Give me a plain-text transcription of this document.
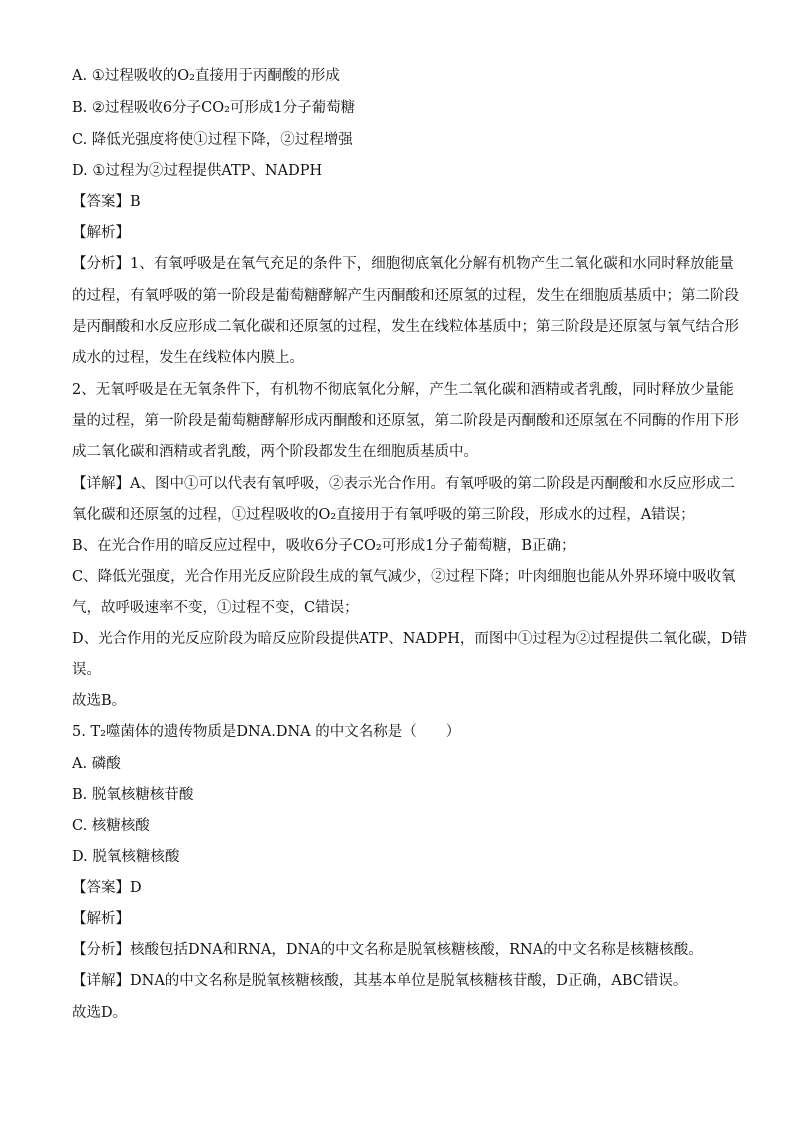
A. ①过程吸收的O₂直接用于丙酮酸的形成
B. ②过程吸收6分子CO₂可形成1分子葡萄糖
C. 降低光强度将使①过程下降，②过程增强
D. ①过程为②过程提供ATP、NADPH
【答案】B
【解析】
【分析】1、有氧呼吸是在氧气充足的条件下，细胞彻底氧化分解有机物产生二氧化碳和水同时释放能量
的过程，有氧呼吸的第一阶段是葡萄糖酵解产生丙酮酸和还原氢的过程，发生在细胞质基质中；第二阶段
是丙酮酸和水反应形成二氧化碳和还原氢的过程，发生在线粒体基质中；第三阶段是还原氢与氧气结合形
成水的过程，发生在线粒体内膜上。
2、无氧呼吸是在无氧条件下，有机物不彻底氧化分解，产生二氧化碳和酒精或者乳酸，同时释放少量能
量的过程，第一阶段是葡萄糖酵解形成丙酮酸和还原氢，第二阶段是丙酮酸和还原氢在不同酶的作用下形
成二氧化碳和酒精或者乳酸，两个阶段都发生在细胞质基质中。
【详解】A、图中①可以代表有氧呼吸，②表示光合作用。有氧呼吸的第二阶段是丙酮酸和水反应形成二
氧化碳和还原氢的过程，①过程吸收的O₂直接用于有氧呼吸的第三阶段，形成水的过程，A错误；
B、在光合作用的暗反应过程中，吸收6分子CO₂可形成1分子葡萄糖，B正确；
C、降低光强度，光合作用光反应阶段生成的氧气减少，②过程下降；叶肉细胞也能从外界环境中吸收氧
气，故呼吸速率不变，①过程不变，C错误；
D、光合作用的光反应阶段为暗反应阶段提供ATP、NADPH，而图中①过程为②过程提供二氧化碳，D错
误。
故选B。
5. T₂噬菌体的遗传物质是DNA.DNA 的中文名称是（　　）
A. 磷酸
B. 脱氧核糖核苷酸
C. 核糖核酸
D. 脱氧核糖核酸
【答案】D
【解析】
【分析】核酸包括DNA和RNA，DNA的中文名称是脱氧核糖核酸，RNA的中文名称是核糖核酸。
【详解】DNA的中文名称是脱氧核糖核酸，其基本单位是脱氧核糖核苷酸，D正确，ABC错误。
故选D。
